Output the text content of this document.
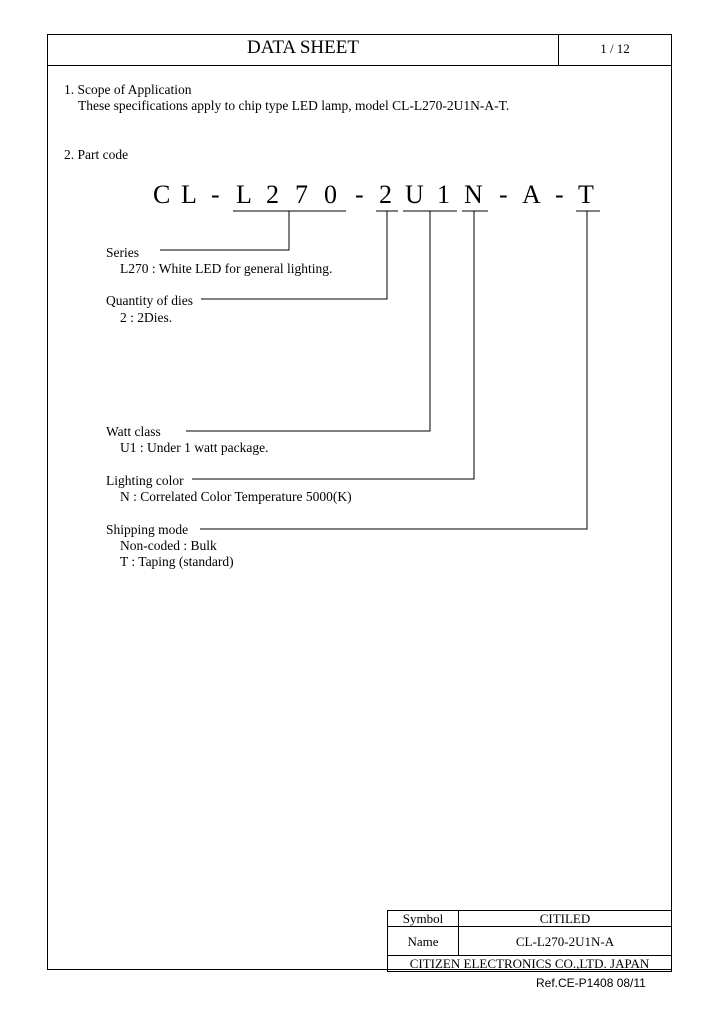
DATA SHEET	1 / 12
1. Scope of Application
These specifications apply to chip type LED lamp, model CL-L270-2U1N-A-T.
2. Part code
C L - L 2 7 0 - 2 U 1 N - A - T
Series
L270 : White LED for general lighting.
Quantity of dies
2 : 2Dies.
Watt class
U1 : Under 1 watt package.
Lighting color
N : Correlated Color Temperature 5000(K)
Shipping mode
Non-coded : Bulk
T : Taping (standard)
Symbol	CITILED
Name	CL-L270-2U1N-A
CITIZEN ELECTRONICS CO.,LTD. JAPAN	
Ref.CE-P1408 08/11
